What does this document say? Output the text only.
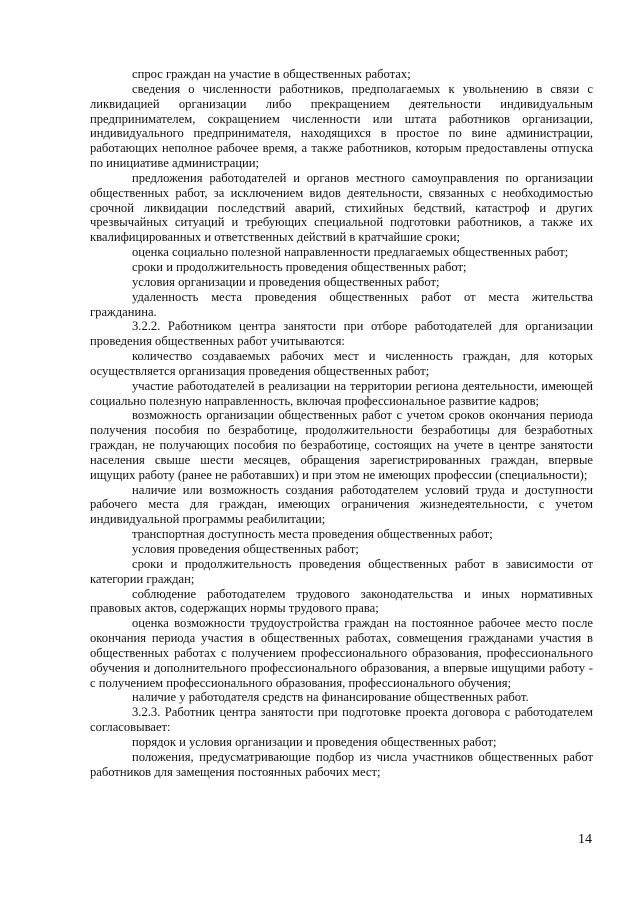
спрос граждан на участие в общественных работах;

сведения о численности работников, предполагаемых к увольнению в связи с ликвидацией организации либо прекращением деятельности индивидуальным предпринимателем, сокращением численности или штата работников организации, индивидуального предпринимателя, находящихся в простое по вине администрации, работающих неполное рабочее время, а также работников, которым предоставлены отпуска по инициативе администрации;

предложения работодателей и органов местного самоуправления по организации общественных работ, за исключением видов деятельности, связанных с необходимостью срочной ликвидации последствий аварий, стихийных бедствий, катастроф и других чрезвычайных ситуаций и требующих специальной подготовки работников, а также их квалифицированных и ответственных действий в кратчайшие сроки;

оценка социально полезной направленности предлагаемых общественных работ;

сроки и продолжительность проведения общественных работ;

условия организации и проведения общественных работ;

удаленность места проведения общественных работ от места жительства гражданина.

3.2.2. Работником центра занятости при отборе работодателей для организации проведения общественных работ учитываются:

количество создаваемых рабочих мест и численность граждан, для которых осуществляется организация проведения общественных работ;

участие работодателей в реализации на территории региона деятельности, имеющей социально полезную направленность, включая профессиональное развитие кадров;

возможность организации общественных работ с учетом сроков окончания периода получения пособия по безработице, продолжительности безработицы для безработных граждан, не получающих пособия по безработице, состоящих на учете в центре занятости населения свыше шести месяцев, обращения зарегистрированных граждан, впервые ищущих работу (ранее не работавших) и при этом не имеющих профессии (специальности);

наличие или возможность создания работодателем условий труда и доступности рабочего места для граждан, имеющих ограничения жизнедеятельности, с учетом индивидуальной программы реабилитации;

транспортная доступность места проведения общественных работ;

условия проведения общественных работ;

сроки и продолжительность проведения общественных работ в зависимости от категории граждан;

соблюдение работодателем трудового законодательства и иных нормативных правовых актов, содержащих нормы трудового права;

оценка возможности трудоустройства граждан на постоянное рабочее место после окончания периода участия в общественных работах, совмещения гражданами участия в общественных работах с получением профессионального образования, профессионального обучения и дополнительного профессионального образования, а впервые ищущими работу - с получением профессионального образования, профессионального обучения;

наличие у работодателя средств на финансирование общественных работ.

3.2.3. Работник центра занятости при подготовке проекта договора с работодателем согласовывает:

порядок и условия организации и проведения общественных работ;

положения, предусматривающие подбор из числа участников общественных работ работников для замещения постоянных рабочих мест;

14
